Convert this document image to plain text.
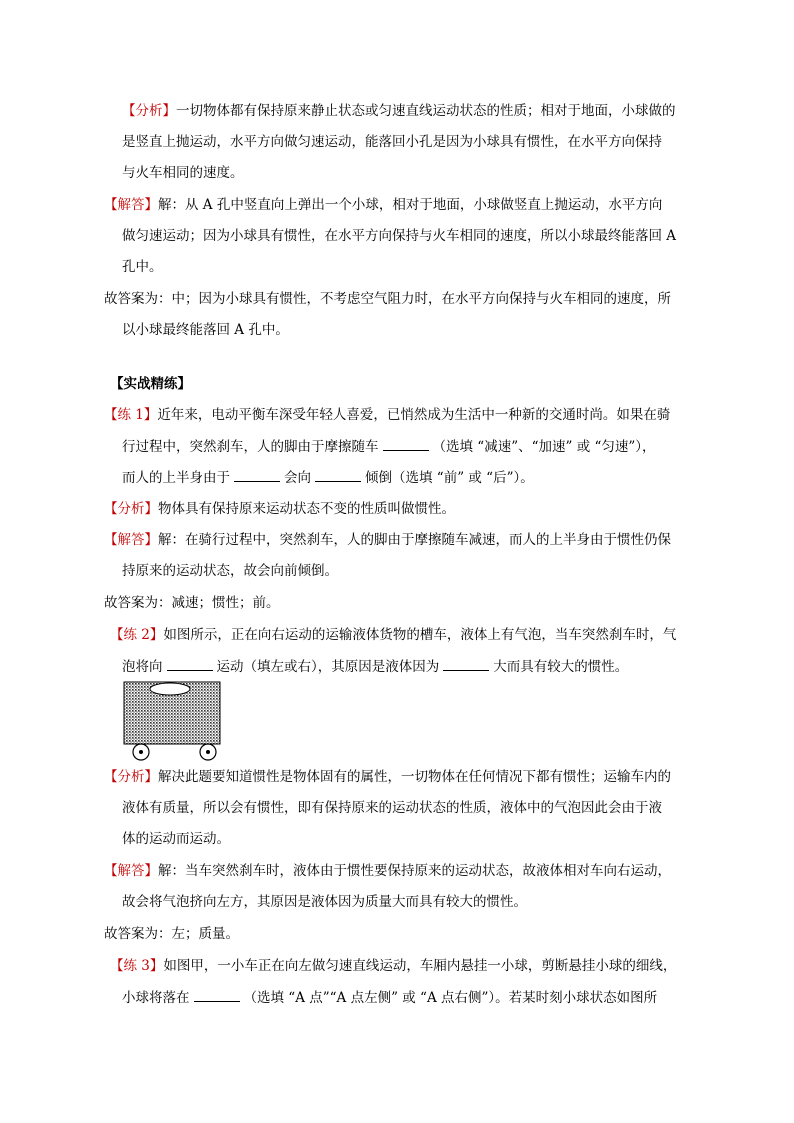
【分析】一切物体都有保持原来静止状态或匀速直线运动状态的性质；相对于地面，小球做的
是竖直上抛运动，水平方向做匀速运动，能落回小孔是因为小球具有惯性，在水平方向保持
与火车相同的速度。
【解答】解：从 A 孔中竖直向上弹出一个小球，相对于地面，小球做竖直上抛运动，水平方向
做匀速运动；因为小球具有惯性，在水平方向保持与火车相同的速度，所以小球最终能落回 A
孔中。
故答案为：中；因为小球具有惯性，不考虑空气阻力时，在水平方向保持与火车相同的速度，所
以小球最终能落回 A 孔中。
【实战精练】
【练 1】近年来，电动平衡车深受年轻人喜爱，已悄然成为生活中一种新的交通时尚。如果在骑
行过程中，突然刹车，人的脚由于摩擦随车	（选填 “减速”、“加速” 或 “匀速”），
而人的上半身由于	会向	倾倒（选填 “前” 或 “后”）。
【分析】物体具有保持原来运动状态不变的性质叫做惯性。
【解答】解：在骑行过程中，突然刹车，人的脚由于摩擦随车减速，而人的上半身由于惯性仍保
持原来的运动状态，故会向前倾倒。
故答案为：减速；惯性；前。
【练 2】如图所示，正在向右运动的运输液体货物的槽车，液体上有气泡，当车突然刹车时，气
泡将向	运动（填左或右），其原因是液体因为	大而具有较大的惯性。
【分析】解决此题要知道惯性是物体固有的属性，一切物体在任何情况下都有惯性；运输车内的
液体有质量，所以会有惯性，即有保持原来的运动状态的性质，液体中的气泡因此会由于液
体的运动而运动。
【解答】解：当车突然刹车时，液体由于惯性要保持原来的运动状态，故液体相对车向右运动，
故会将气泡挤向左方，其原因是液体因为质量大而具有较大的惯性。
故答案为：左；质量。
【练 3】如图甲，一小车正在向左做匀速直线运动，车厢内悬挂一小球，剪断悬挂小球的细线，
小球将落在	（选填 “A 点”“A 点左侧” 或 “A 点右侧”）。若某时刻小球状态如图所
